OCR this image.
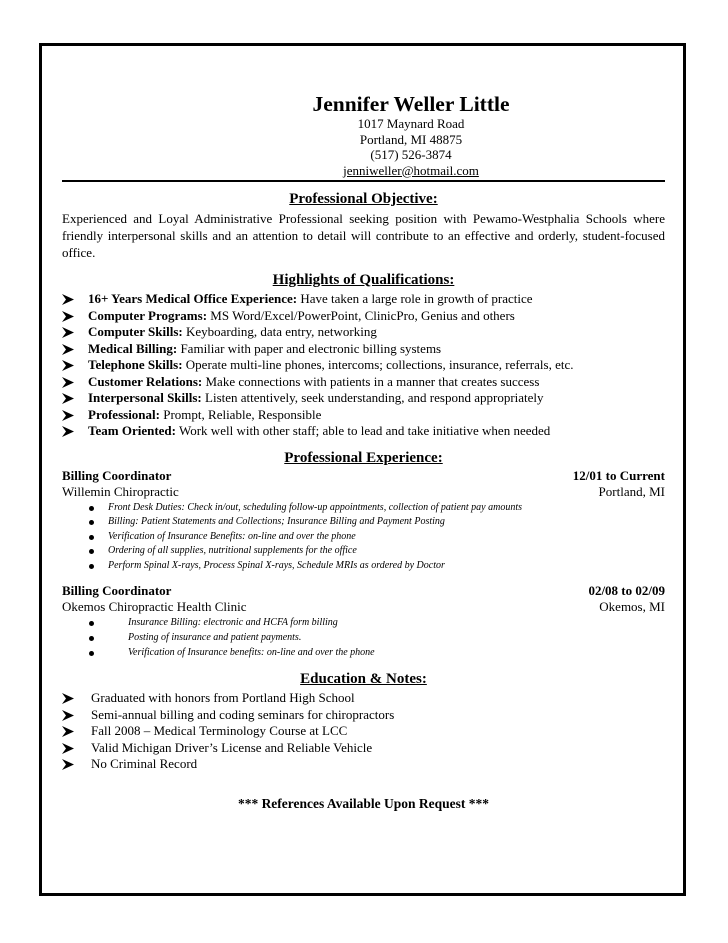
Jennifer Weller Little
1017 Maynard Road
Portland, MI 48875
(517) 526-3874
jenniweller@hotmail.com
Professional Objective:

Experienced and Loyal Administrative Professional seeking position with Pewamo-Westphalia Schools where friendly interpersonal skills and an attention to detail will contribute to an effective and orderly, student-focused office.

Highlights of Qualifications:
16+ Years Medical Office Experience: Have taken a large role in growth of practice
Computer Programs: MS Word/Excel/PowerPoint, ClinicPro, Genius and others
Computer Skills: Keyboarding, data entry, networking
Medical Billing: Familiar with paper and electronic billing systems
Telephone Skills: Operate multi-line phones, intercoms; collections, insurance, referrals, etc.
Customer Relations: Make connections with patients in a manner that creates success
Interpersonal Skills: Listen attentively, seek understanding, and respond appropriately
Professional: Prompt, Reliable, Responsible
Team Oriented: Work well with other staff; able to lead and take initiative when needed
Professional Experience:
Billing Coordinator	12/01 to Current
Willemin Chiropractic	Portland, MI
Front Desk Duties: Check in/out, scheduling follow-up appointments, collection of patient pay amounts
Billing: Patient Statements and Collections; Insurance Billing and Payment Posting
Verification of Insurance Benefits: on-line and over the phone
Ordering of all supplies, nutritional supplements for the office
Perform Spinal X-rays, Process Spinal X-rays, Schedule MRIs as ordered by Doctor
Billing Coordinator	02/08 to 02/09
Okemos Chiropractic Health Clinic	Okemos, MI
Insurance Billing: electronic and HCFA form billing
Posting of insurance and patient payments.
Verification of Insurance benefits: on-line and over the phone
Education & Notes:
Graduated with honors from Portland High School
Semi-annual billing and coding seminars for chiropractors
Fall 2008 – Medical Terminology Course at LCC
Valid Michigan Driver’s License and Reliable Vehicle
No Criminal Record
*** References Available Upon Request ***
